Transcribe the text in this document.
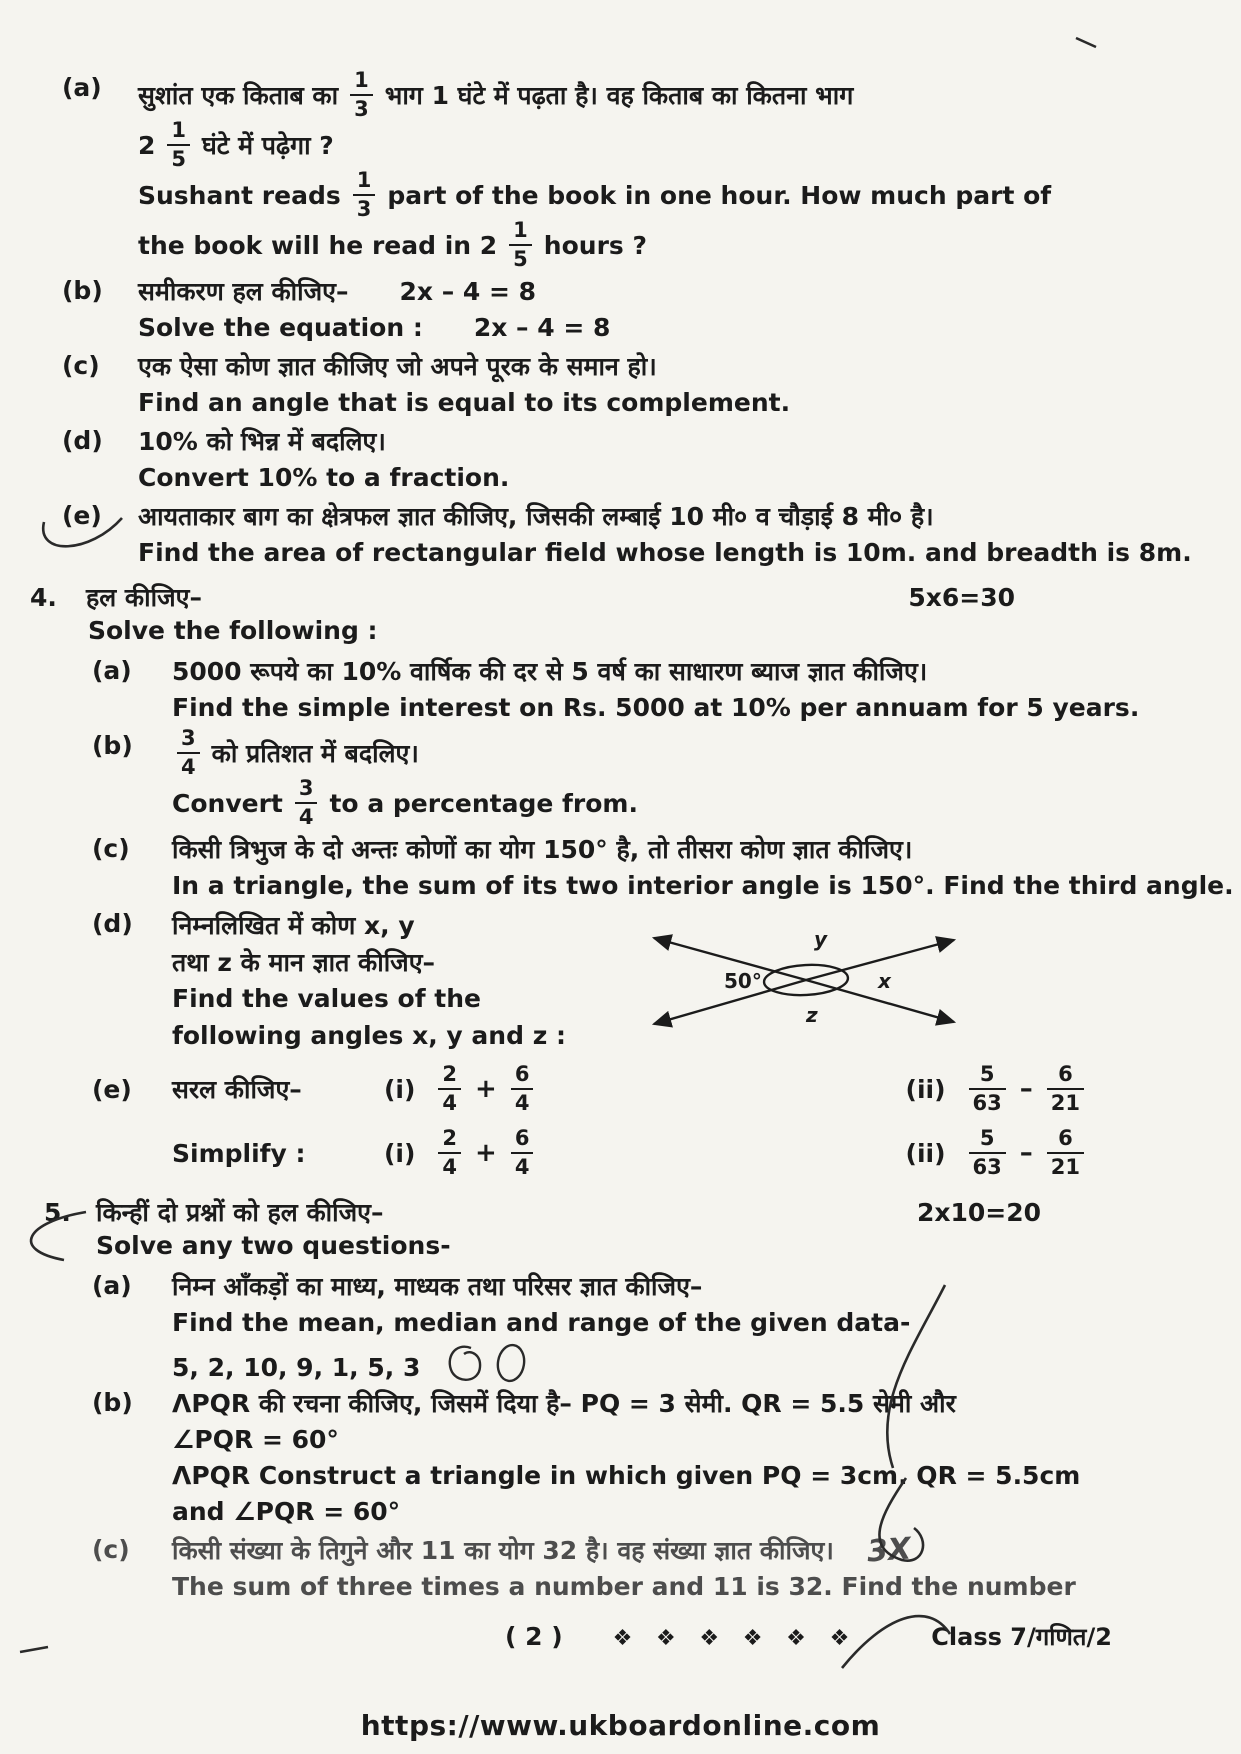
(a)	सुशांत एक किताब का $\frac{1}{3}$ भाग 1 घंटे में पढ़ता है। वह किताब का कितना भाग
$2 \frac{1}{5}$ घंटे में पढ़ेगा ?
Sushant reads $\frac{1}{3}$ part of the book in one hour. How much part of
the book will he read in $2 \frac{1}{5}$ hours ?
(b)	समीकरण हल कीजिए– 2x – 4 = 8
Solve the equation : 2x – 4 = 8
(c)	एक ऐसा कोण ज्ञात कीजिए जो अपने पूरक के समान हो।
Find an angle that is equal to its complement.
(d)	10% को भिन्न में बदलिए।
Convert 10% to a fraction.
(e)	आयताकार बाग का क्षेत्रफल ज्ञात कीजिए, जिसकी लम्बाई 10 मी० व चौड़ाई 8 मी० है।
Find the area of rectangular field whose length is 10m. and breadth is 8m.
4.	हल कीजिए–	5x6=30
Solve the following :
(a)	5000 रूपये का 10% वार्षिक की दर से 5 वर्ष का साधारण ब्याज ज्ञात कीजिए।
Find the simple interest on Rs. 5000 at 10% per annuam for 5 years.
(b)	$\frac{3}{4}$ को प्रतिशत में बदलिए।
Convert $\frac{3}{4}$ to a percentage from.
(c)	किसी त्रिभुज के दो अन्तः कोणों का योग 150° है, तो तीसरा कोण ज्ञात कीजिए।
In a triangle, the sum of its two interior angle is 150°. Find the third angle.
(d)	निम्नलिखित में कोण x, y
तथा z के मान ज्ञात कीजिए–
Find the values of the
following angles x, y and z :
50°
y
x
z
(e)	सरल कीजिए–	$(i) \frac{2}{4} + \frac{6}{4}$	$(ii) \frac{5}{63} - \frac{6}{21}$
Simplify :	$(i) \frac{2}{4} + \frac{6}{4}$	$(ii) \frac{5}{63} - \frac{6}{21}$
5.	किन्हीं दो प्रश्नों को हल कीजिए–	2x10=20
Solve any two questions-
(a)	निम्न आँकड़ों का माध्य, माध्यक तथा परिसर ज्ञात कीजिए–
Find the mean, median and range of the given data-
5, 2, 10, 9, 1, 5, 3
(b)	ΛPQR की रचना कीजिए, जिसमें दिया है– PQ = 3 सेमी. QR = 5.5 सेमी और
∠PQR = 60°
ΛPQR Construct a triangle in which given PQ = 3cm. QR = 5.5cm
and ∠PQR = 60°
(c)	किसी संख्या के तिगुने और 11 का योग 32 है। वह संख्या ज्ञात कीजिए। 3X
The sum of three times a number and 11 is 32. Find the number
( 2 ) ❖ ❖ ❖ ❖ ❖ ❖	Class 7/गणित/2
https://www.ukboardonline.com
